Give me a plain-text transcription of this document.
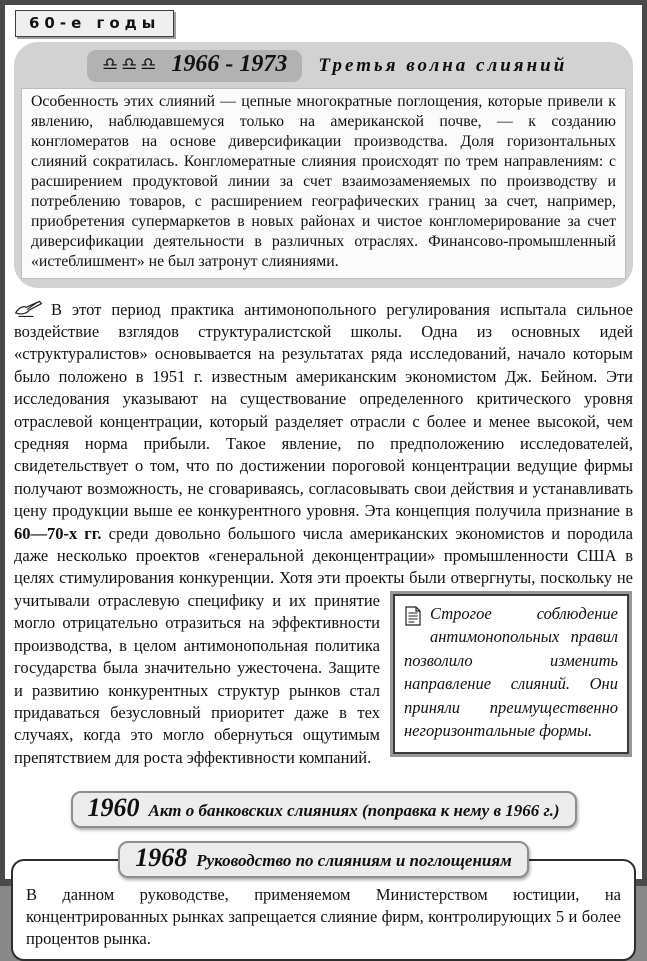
60-е годы
♎♎♎ 1966 - 1973 Третья волна слияний
Особенность этих слияний — цепные многократные поглощения, которые привели к явлению, наблюдавшемуся только на американской почве, — к созданию конгломератов на основе диверсификации производства. Доля горизонтальных слияний сократилась. Конгломератные слияния происходят по трем направлениям: с расширением продуктовой линии за счет взаимозаменяемых по производству и потреблению товаров, с расширением географических границ за счет, например, приобретения супермаркетов в новых районах и чистое конгломерирование за счет диверсификации деятельности в различных отраслях. Финансово-промышленный «истеблишмент» не был затронут слияниями.

В этот период практика антимонопольного регулирования испытала сильное воздействие взглядов структуралистской школы. Одна из основных идей «структуралистов» основывается на результатах ряда исследований, начало которым было положено в 1951 г. известным американским экономистом Дж. Бейном. Эти исследования указывают на существование определенного критического уровня отраслевой концентрации, который разделяет отрасли с более и менее высокой, чем средняя норма прибыли. Такое явление, по предположению исследователей, свидетельствует о том, что по достижении пороговой концентрации ведущие фирмы получают возможность, не сговариваясь, согласовывать свои действия и устанавливать цену продукции выше ее конкурентного уровня. Эта концепция получила признание в 60—70-х гг. среди довольно большого числа американских экономистов и породила даже несколько проектов «генеральной деконцентрации» промышленности США в целях стимулирования конкуренции. Хотя эти проекты были отвергнуты, поскольку не учитывали отраслевую специфику и их принятие
Строгое соблюдение антимонопольных правил позволило изменить направление слияний. Они приняли преимущественно негоризонтальные формы.
могло отрицательно отразиться на эффективности производства, в целом антимонопольная политика государства была значительно ужесточена. Защите и развитию конкурентных структур рынков стал придаваться безусловный приоритет даже в тех случаях, когда это могло обернуться ощутимым препятствием для роста эффективности компаний.

1960 Акт о банковских слияниях (поправка к нему в 1966 г.)
1968 Руководство по слияниям и поглощениям
В данном руководстве, применяемом Министерством юстиции, на концентрированных рынках запрещается слияние фирм, контролирующих 5 и более процентов рынка.
